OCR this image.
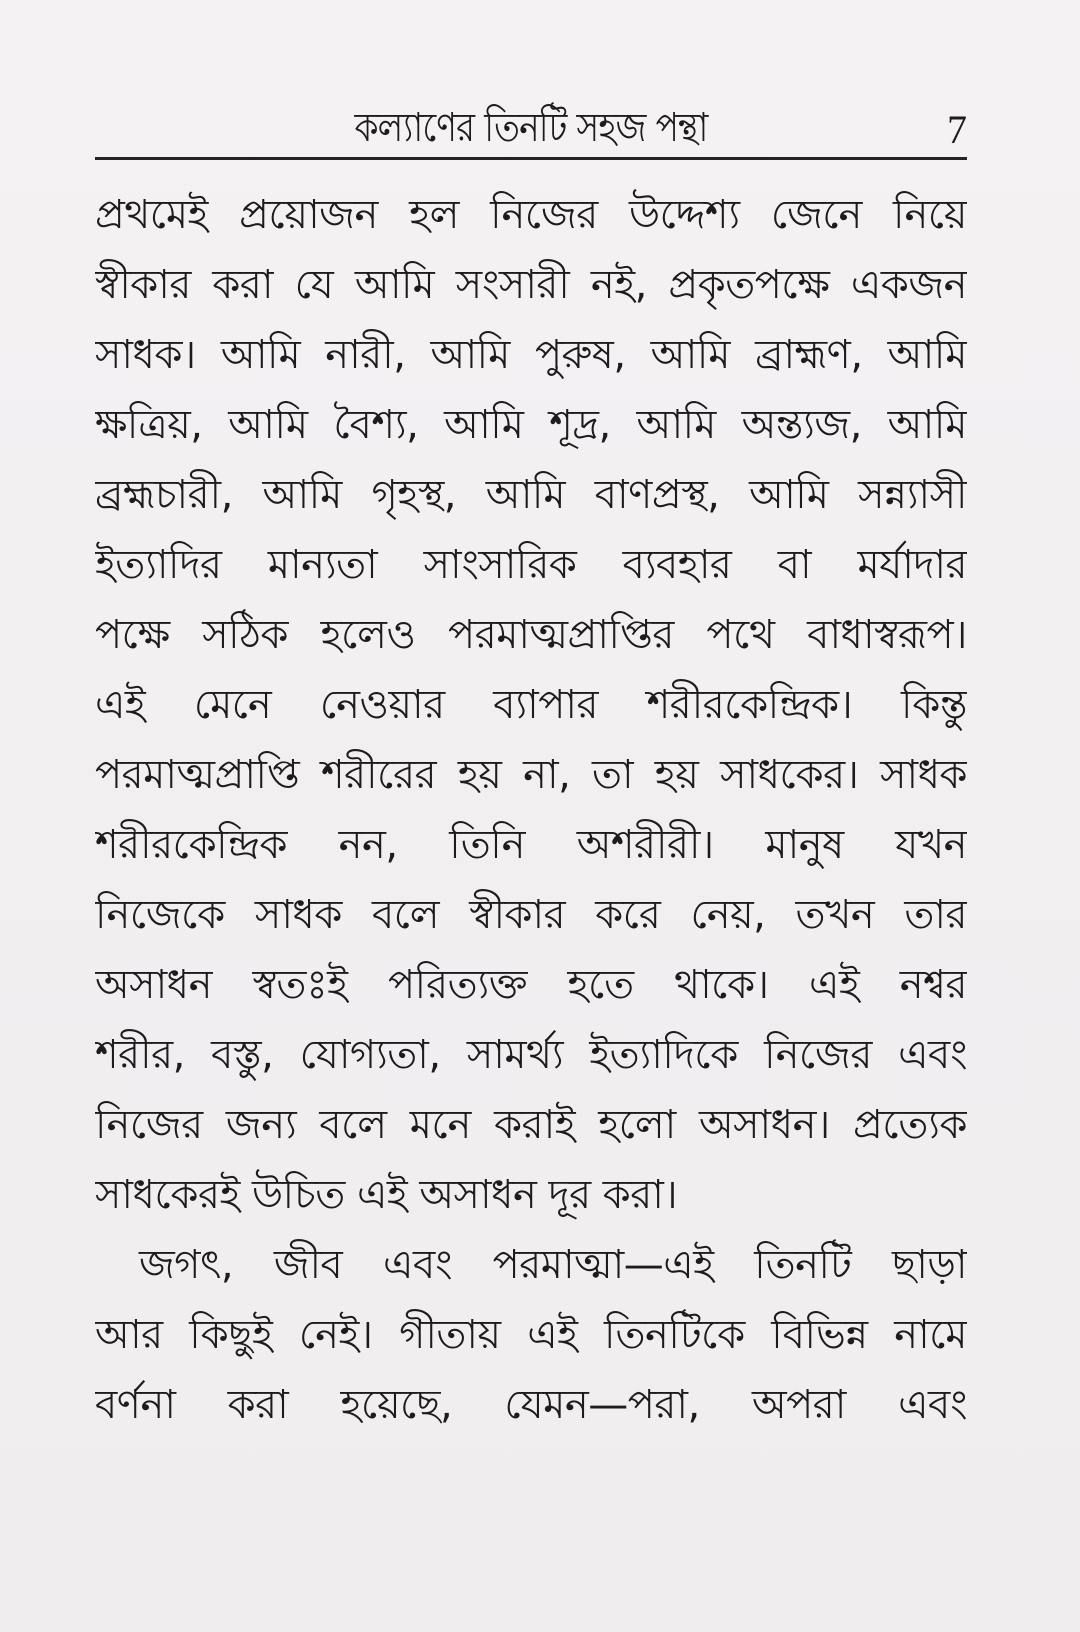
কল্যাণের তিনটি সহজ পন্থা	7
প্রথমেই প্রয়োজন হল নিজের উদ্দেশ্য জেনে নিয়ে
স্বীকার করা যে আমি সংসারী নই, প্রকৃতপক্ষে একজন
সাধক। আমি নারী, আমি পুরুষ, আমি ব্রাহ্মণ, আমি
ক্ষত্রিয়, আমি বৈশ্য, আমি শূদ্র, আমি অন্ত্যজ, আমি
ব্রহ্মচারী, আমি গৃহস্থ, আমি বাণপ্রস্থ, আমি সন্ন্যাসী
ইত্যাদির মান্যতা সাংসারিক ব্যবহার বা মর্যাদার
পক্ষে সঠিক হলেও পরমাত্মপ্রাপ্তির পথে বাধাস্বরূপ।
এই মেনে নেওয়ার ব্যাপার শরীরকেন্দ্রিক। কিন্তু
পরমাত্মপ্রাপ্তি শরীরের হয় না, তা হয় সাধকের। সাধক
শরীরকেন্দ্রিক নন, তিনি অশরীরী। মানুষ যখন
নিজেকে সাধক বলে স্বীকার করে নেয়, তখন তার
অসাধন স্বতঃই পরিত্যক্ত হতে থাকে। এই নশ্বর
শরীর, বস্তু, যোগ্যতা, সামর্থ্য ইত্যাদিকে নিজের এবং
নিজের জন্য বলে মনে করাই হলো অসাধন। প্রত্যেক
সাধকেরই উচিত এই অসাধন দূর করা।
জগৎ, জীব এবং পরমাত্মা—এই তিনটি ছাড়া
আর কিছুই নেই। গীতায় এই তিনটিকে বিভিন্ন নামে
বর্ণনা করা হয়েছে, যেমন—পরা, অপরা এবং
